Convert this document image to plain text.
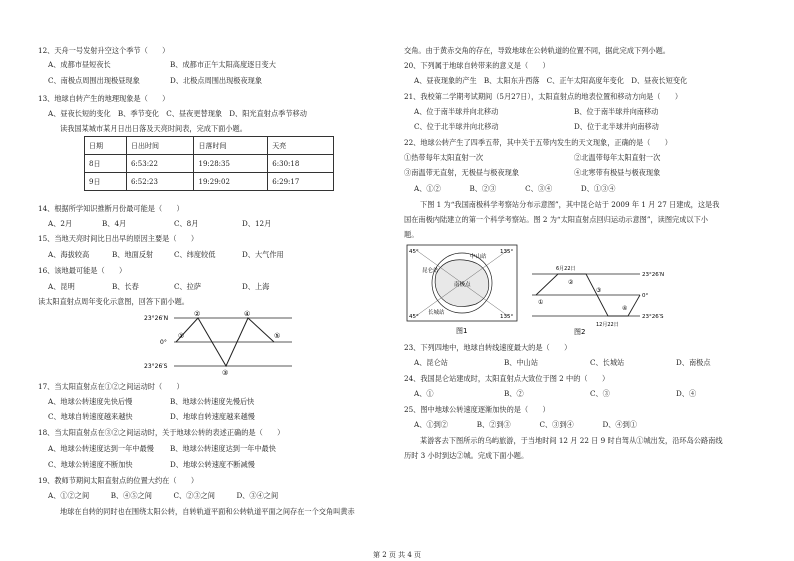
12、天舟一号发射升空这个季节（　　）
A、成都市昼短夜长	B、成都市正午太阳高度逐日变大
C、南极点周围出现极昼现象	D、北极点周围出现极夜现象
13、地球自转产生的地理现象是（　　）
A、昼夜长短的变化　B、季节变化　C、昼夜更替现象　D、阳光直射点季节移动
读我国某城市某月日出日落及天亮时间表，完成下面小题。
日期	日出时间	日落时间	天亮
8日	6:53:22	19:28:35	6:30:18
9日	6:52:23	19:29:02	6:29:17
14、根据所学知识推断月份最可能是（　　）
A、2月	B、4月	C、8月	D、12月
15、当地天亮时间比日出早的原因主要是（　　）
A、海拔较高	B、地面反射	C、纬度较低	D、大气作用
16、该地最可能是（　　）
A、昆明	B、长春	C、拉萨	D、上海
读太阳直射点周年变化示意图，回答下面小题。
23°26′N
0°
23°26′S
①
②
③
④
⑤
17、当太阳直射点在①②之间运动时（　　）
A、地球公转速度先快后慢	B、地球公转速度先慢后快
C、地球自转速度越来越快	D、地球自转速度越来越慢
18、当太阳直射点在③②之间运动时，关于地球公转的表述正确的是（　　）
A、地球公转速度达到一年中最慢 B、地球公转速度达到一年中最快
C、地球公转速度不断加快	D、地球公转速度不断减慢
19、教师节期间太阳直射点的位置大约在（　　）
A、①②之间　　　B、④⑤之间　　　C、②③之间　　　D、③④之间
地球在自转的同时也在围绕太阳公转，自转轨道平面和公转轨道平面之间存在一个交角叫黄赤
交角。由于黄赤交角的存在，导致地球在公转轨道的位置不同，据此完成下列小题。
20、下列属于地球自转带来的意义是（　　）
A、昼夜现象的产生　B、太阳东升西落　C、正午太阳高度年变化　D、昼夜长短变化
21、我校第二学期考试期间（5月27日），太阳直射点的地表位置和移动方向是（　　）
A、位于南半球并向北移动	B、位于南半球并向南移动
C、位于北半球并向北移动	D、位于北半球并向南移动
22、地球公转产生了四季五带，其中关于五带内发生的天文现象，正确的是（　　）
①热带每年太阳直射一次	②北温带每年太阳直射一次
③南温带无直射，无极昼与极夜现象	④北寒带有极昼与极夜现象
A、①②　　　　B、②③　　　　C、③④　　　　D、①③④
下图 1 为“我国南极科学考察站分布示意图”，其中昆仑站于 2009 年 1 月 27 日建成，这是我
国在南极内陆建立的第一个科学考察站。图 2 为“太阳直射点回归运动示意图”，读图完成以下小
题。
45°	135°
45°	135°
中山站
昆仑站
长城站
南极点
图1
23°26′N
0°
23°26′S
6月22日
12月22日
①
②
③
④
图2
23、下列四地中，地球自转线速度最大的是（　　）
A、昆仑站	B、中山站	C、长城站	D、南极点
24、我国昆仑站建成时，太阳直射点大致位于图 2 中的（　　）
A、①	B、②	C、③	D、④
25、图中地球公转速度逐渐加快的是（　　）
A、①到②　　　　B、②到③　　　　C、③到④　　　　D、④到①
某游客去下图所示的乌屿旅游，于当地时间 12 月 22 日 9 时自驾从①城出发，沿环岛公路南线
历时 3 小时到达②城。完成下面小题。
第 2 页 共 4 页
